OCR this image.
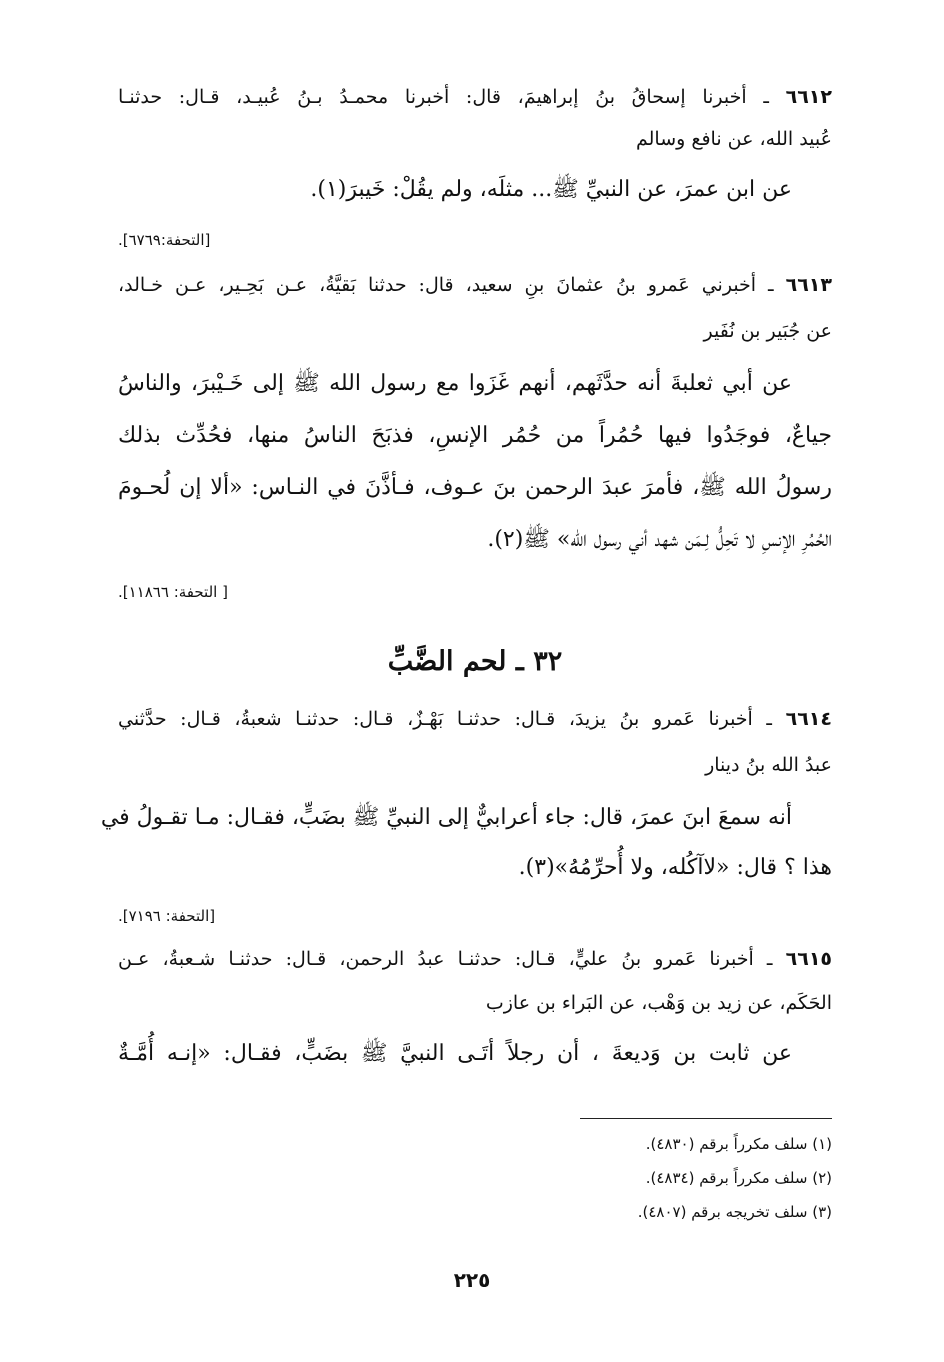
٦٦١٢ ـ أخبرنا إسحاقُ بنُ إبراهيمَ، قال: أخبرنا محمـدُ بـنُ عُبيـد، قـال: حدثنـا
عُبيد الله، عن نافع وسالم
عن ابن عمرَ، عن النبيِّ ﷺ... مثلَه، ولم يقُلْ: خَيبرَ(١).
[التحفة:٦٧٦٩].
٦٦١٣ ـ أخبرني عَمرو بنُ عثمانَ بنِ سعيد، قال: حدثنا بَقيَّةُ، عـن بَحِـير، عـن خـالد،
عن جُبَير بن نُفَير
عن أبي ثعلبةَ أنه حدَّثَهم، أنهم غَزَوا مع رسول الله ﷺ إلى خَـيْبرَ، والناسُ
جياعٌ، فوجَدُوا فيها حُمُراً من حُمُر الإنسِ، فذبَحَ الناسُ منها، فحُدِّث بذلك
رسولُ الله ﷺ، فأمرَ عبدَ الرحمن بنَ عـوف، فـأذَّنَ في النـاس: «ألا إن لُحـومَ
الحُمُرِ الإنسِ لا تَحِلُّ لِـمَن شهد أني رسول الله» ﷺ(٢).
[ التحفة: ١١٨٦٦].
٣٢ ـ لحم الضَّبِّ
٦٦١٤ ـ أخبرنا عَمرو بنُ يزيدَ، قـال: حدثنـا بَهْـزٌ، قـال: حدثنـا شعبةُ، قـال: حدَّثني
عبدُ الله بنُ دينار
أنه سمعَ ابنَ عمرَ، قال: جاء أعرابيٌّ إلى النبيِّ ﷺ بضَبٍّ، فقـال: مـا تقـولُ في
هذا ؟ قال: «لاآكُله، ولا أُحرِّمُهُ»(٣).
[التحفة: ٧١٩٦].
٦٦١٥ ـ أخبرنا عَمرو بنُ عليٍّ، قـال: حدثنـا عبدُ الرحمن، قـال: حدثنـا شـعبةُ، عـن
الحَكَم، عن زيد بن وَهْب، عن البَراء بن عازب
عن ثابت بن وَديعةَ ، أن رجلاً أتَـى النبيَّ ﷺ بضَبٍّ، فقـال: «إنـه أُمَّـةٌ
(١) سلف مكرراً برقم (٤٨٣٠).
(٢) سلف مكرراً برقم (٤٨٣٤).
(٣) سلف تخريجه برقم (٤٨٠٧).
٢٢٥
